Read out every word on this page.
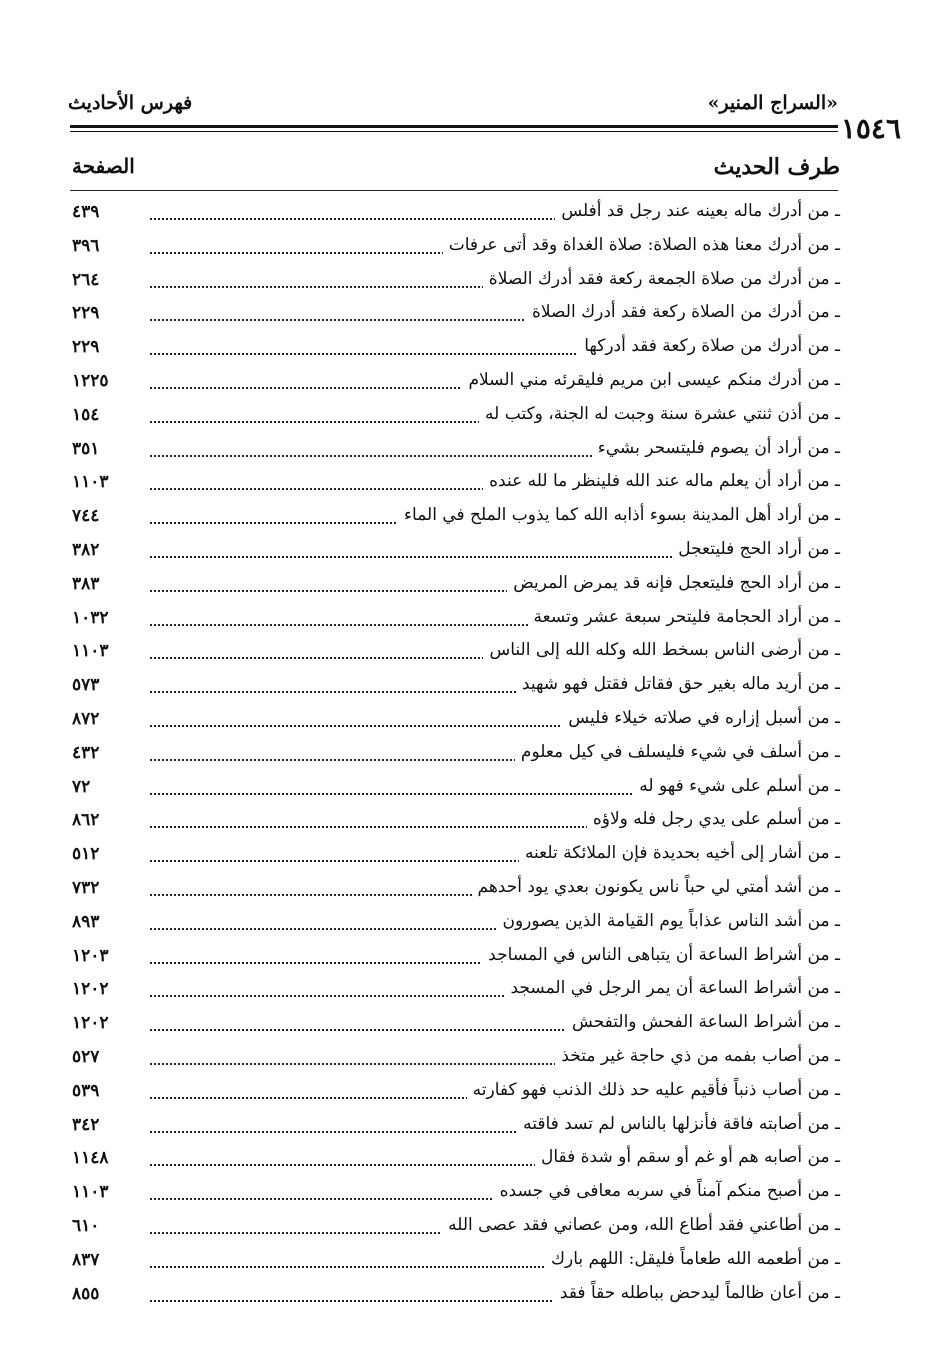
«السراج المنير»
فهرس الأحاديث
١٥٤٦
طرف الحديث
الصفحة
ـ من أدرك ماله بعينه عند رجل قد أفلس
٤٣٩
ـ من أدرك معنا هذه الصلاة: صلاة الغداة وقد أتى عرفات
٣٩٦
ـ من أدرك من صلاة الجمعة ركعة فقد أدرك الصلاة
٢٦٤
ـ من أدرك من الصلاة ركعة فقد أدرك الصلاة
٢٢٩
ـ من أدرك من صلاة ركعة فقد أدركها
٢٢٩
ـ من أدرك منكم عيسى ابن مريم فليقرئه مني السلام
١٢٢٥
ـ من أذن ثنتي عشرة سنة وجبت له الجنة، وكتب له
١٥٤
ـ من أراد أن يصوم فليتسحر بشيء
٣٥١
ـ من أراد أن يعلم ماله عند الله فلينظر ما لله عنده
١١٠٣
ـ من أراد أهل المدينة بسوء أذابه الله كما يذوب الملح في الماء
٧٤٤
ـ من أراد الحج فليتعجل
٣٨٢
ـ من أراد الحج فليتعجل فإنه قد يمرض المريض
٣٨٣
ـ من أراد الحجامة فليتحر سبعة عشر وتسعة
١٠٣٢
ـ من أرضى الناس بسخط الله وكله الله إلى الناس
١١٠٣
ـ من أريد ماله بغير حق فقاتل فقتل فهو شهيد
٥٧٣
ـ من أسبل إزاره في صلاته خيلاء فليس
٨٧٢
ـ من أسلف في شيء فليسلف في كيل معلوم
٤٣٢
ـ من أسلم على شيء فهو له
٧٢
ـ من أسلم على يدي رجل فله ولاؤه
٨٦٢
ـ من أشار إلى أخيه بحديدة فإن الملائكة تلعنه
٥١٢
ـ من أشد أمتي لي حباً ناس يكونون بعدي يود أحدهم
٧٣٢
ـ من أشد الناس عذاباً يوم القيامة الذين يصورون
٨٩٣
ـ من أشراط الساعة أن يتباهى الناس في المساجد
١٢٠٣
ـ من أشراط الساعة أن يمر الرجل في المسجد
١٢٠٢
ـ من أشراط الساعة الفحش والتفحش
١٢٠٢
ـ من أصاب بفمه من ذي حاجة غير متخذ
٥٢٧
ـ من أصاب ذنباً فأقيم عليه حد ذلك الذنب فهو كفارته
٥٣٩
ـ من أصابته فاقة فأنزلها بالناس لم تسد فاقته
٣٤٢
ـ من أصابه هم أو غم أو سقم أو شدة فقال
١١٤٨
ـ من أصبح منكم آمناً في سربه معافى في جسده
١١٠٣
ـ من أطاعني فقد أطاع الله، ومن عصاني فقد عصى الله
٦١٠
ـ من أطعمه الله طعاماً فليقل: اللهم بارك
٨٣٧
ـ من أعان ظالماً ليدحض بباطله حقاً فقد
٨٥٥
